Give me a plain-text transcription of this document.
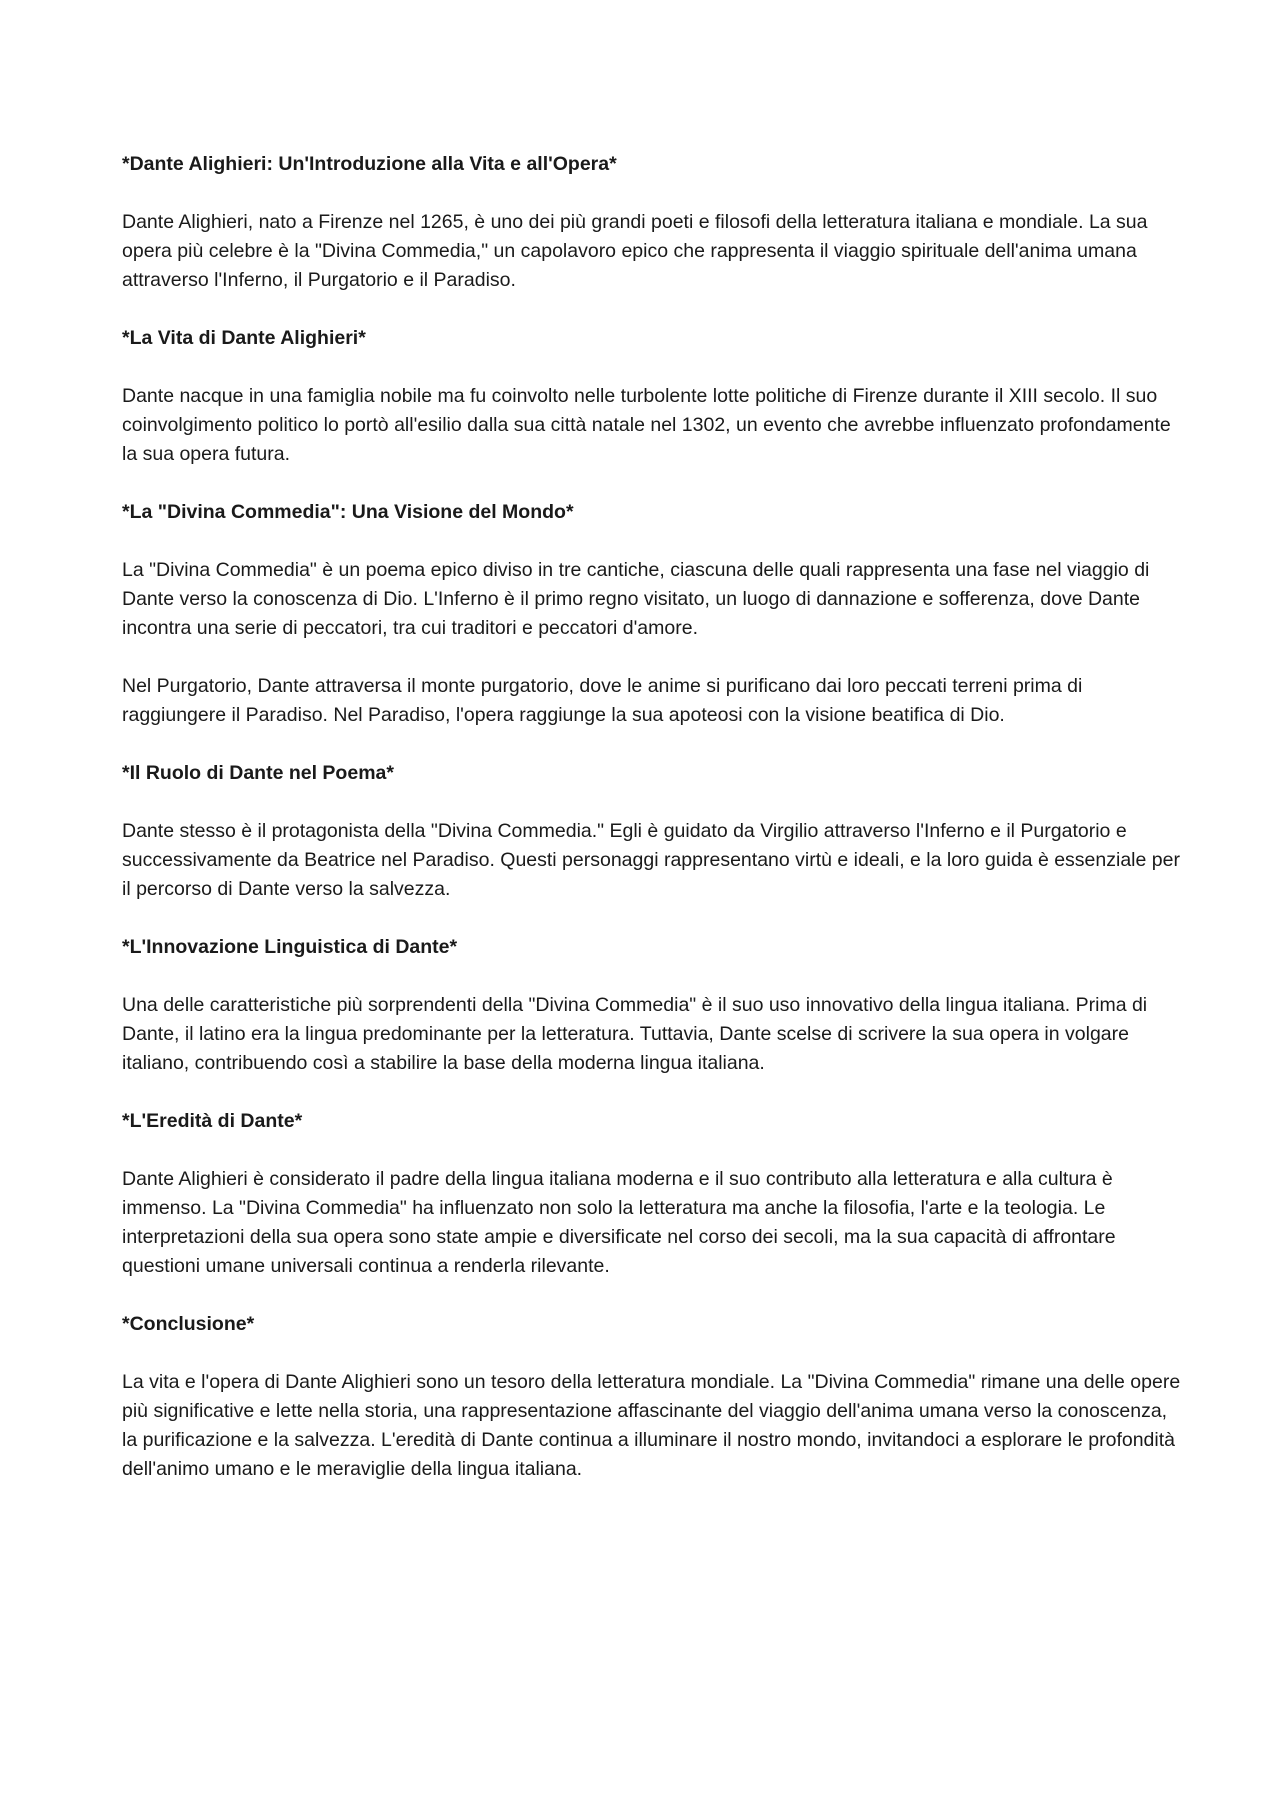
*Dante Alighieri: Un'Introduzione alla Vita e all'Opera*

Dante Alighieri, nato a Firenze nel 1265, è uno dei più grandi poeti e filosofi della letteratura italiana e mondiale. La sua opera più celebre è la "Divina Commedia," un capolavoro epico che rappresenta il viaggio spirituale dell'anima umana attraverso l'Inferno, il Purgatorio e il Paradiso.

*La Vita di Dante Alighieri*

Dante nacque in una famiglia nobile ma fu coinvolto nelle turbolente lotte politiche di Firenze durante il XIII secolo. Il suo coinvolgimento politico lo portò all'esilio dalla sua città natale nel 1302, un evento che avrebbe influenzato profondamente la sua opera futura.

*La "Divina Commedia": Una Visione del Mondo*

La "Divina Commedia" è un poema epico diviso in tre cantiche, ciascuna delle quali rappresenta una fase nel viaggio di Dante verso la conoscenza di Dio. L'Inferno è il primo regno visitato, un luogo di dannazione e sofferenza, dove Dante incontra una serie di peccatori, tra cui traditori e peccatori d'amore.

Nel Purgatorio, Dante attraversa il monte purgatorio, dove le anime si purificano dai loro peccati terreni prima di raggiungere il Paradiso. Nel Paradiso, l'opera raggiunge la sua apoteosi con la visione beatifica di Dio.

*Il Ruolo di Dante nel Poema*

Dante stesso è il protagonista della "Divina Commedia." Egli è guidato da Virgilio attraverso l'Inferno e il Purgatorio e successivamente da Beatrice nel Paradiso. Questi personaggi rappresentano virtù e ideali, e la loro guida è essenziale per il percorso di Dante verso la salvezza.

*L'Innovazione Linguistica di Dante*

Una delle caratteristiche più sorprendenti della "Divina Commedia" è il suo uso innovativo della lingua italiana. Prima di Dante, il latino era la lingua predominante per la letteratura. Tuttavia, Dante scelse di scrivere la sua opera in volgare italiano, contribuendo così a stabilire la base della moderna lingua italiana.

*L'Eredità di Dante*

Dante Alighieri è considerato il padre della lingua italiana moderna e il suo contributo alla letteratura e alla cultura è immenso. La "Divina Commedia" ha influenzato non solo la letteratura ma anche la filosofia, l'arte e la teologia. Le interpretazioni della sua opera sono state ampie e diversificate nel corso dei secoli, ma la sua capacità di affrontare questioni umane universali continua a renderla rilevante.

*Conclusione*

La vita e l'opera di Dante Alighieri sono un tesoro della letteratura mondiale. La "Divina Commedia" rimane una delle opere più significative e lette nella storia, una rappresentazione affascinante del viaggio dell'anima umana verso la conoscenza, la purificazione e la salvezza. L'eredità di Dante continua a illuminare il nostro mondo, invitandoci a esplorare le profondità dell'animo umano e le meraviglie della lingua italiana.
